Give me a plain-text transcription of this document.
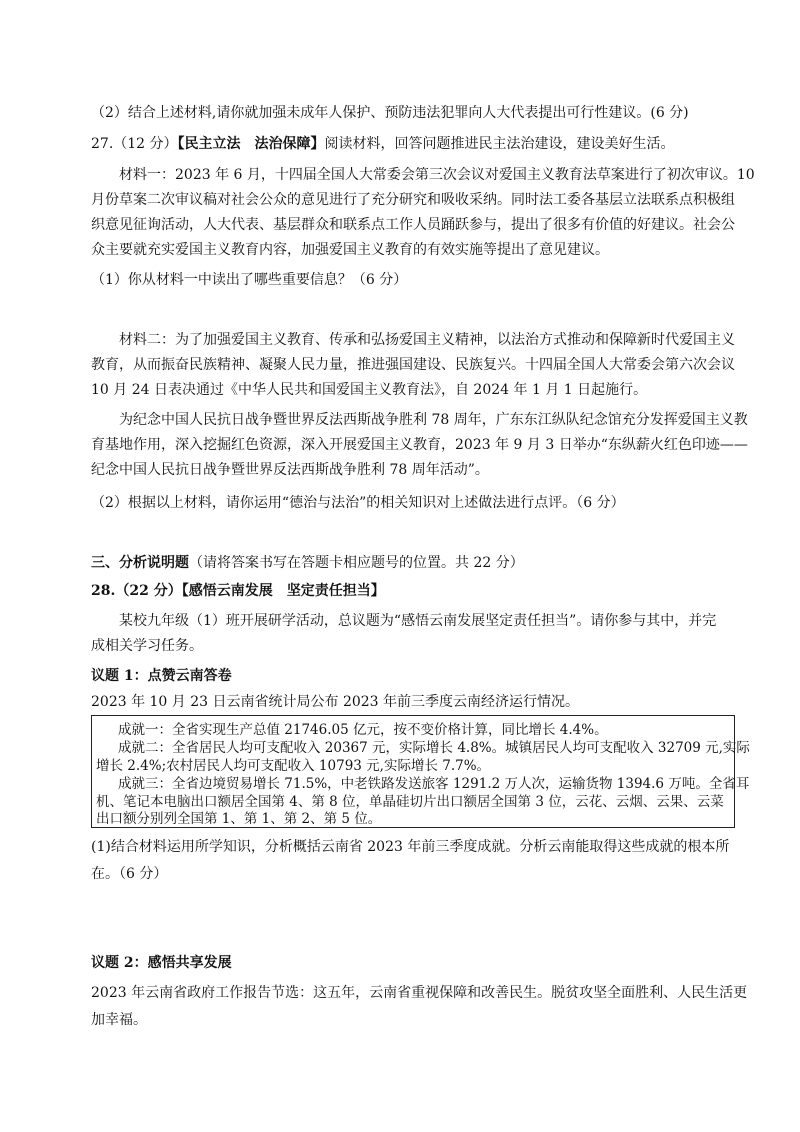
（2）结合上述材料,请你就加强未成年人保护、预防违法犯罪向人大代表提出可行性建议。(6 分)
27.（12 分）【民主立法　法治保障】阅读材料，回答问题推进民主法治建设，建设美好生活。
材料一：2023 年 6 月，十四届全国人大常委会第三次会议对爱国主义教育法草案进行了初次审议。10
月份草案二次审议稿对社会公众的意见进行了充分研究和吸收采纳。同时法工委各基层立法联系点积极组
织意见征询活动，人大代表、基层群众和联系点工作人员踊跃参与，提出了很多有价值的好建议。社会公
众主要就充实爱国主义教育内容，加强爱国主义教育的有效实施等提出了意见建议。
（1）你从材料一中读出了哪些重要信息？（6 分）
材料二：为了加强爱国主义教育、传承和弘扬爱国主义精神，以法治方式推动和保障新时代爱国主义
教育，从而振奋民族精神、凝聚人民力量，推进强国建设、民族复兴。十四届全国人大常委会第六次会议
10 月 24 日表决通过《中华人民共和国爱国主义教育法》，自 2024 年 1 月 1 日起施行。
为纪念中国人民抗日战争暨世界反法西斯战争胜利 78 周年，广东东江纵队纪念馆充分发挥爱国主义教
育基地作用，深入挖掘红色资源，深入开展爱国主义教育，2023 年 9 月 3 日举办“东纵薪火红色印迹——
纪念中国人民抗日战争暨世界反法西斯战争胜利 78 周年活动”。
（2）根据以上材料，请你运用“德治与法治”的相关知识对上述做法进行点评。（6 分）
三、分析说明题（请将答案书写在答题卡相应题号的位置。共 22 分）
28.（22 分）【感悟云南发展　坚定责任担当】
某校九年级（1）班开展研学活动，总议题为“感悟云南发展坚定责任担当”。请你参与其中，并完
成相关学习任务。
议题 1：点赞云南答卷
2023 年 10 月 23 日云南省统计局公布 2023 年前三季度云南经济运行情况。
成就一：全省实现生产总值 21746.05 亿元，按不变价格计算，同比增长 4.4%。
成就二：全省居民人均可支配收入 20367 元，实际增长 4.8%。城镇居民人均可支配收入 32709 元,实际
增长 2.4%;农村居民人均可支配收入 10793 元,实际增长 7.7%。
成就三：全省边境贸易增长 71.5%，中老铁路发送旅客 1291.2 万人次，运输货物 1394.6 万吨。全省耳
机、笔记本电脑出口额居全国第 4、第 8 位，单晶硅切片出口额居全国第 3 位，云花、云烟、云果、云菜
出口额分别列全国第 1、第 1、第 2、第 5 位。
(1)结合材料运用所学知识，分析概括云南省 2023 年前三季度成就。分析云南能取得这些成就的根本所
在。（6 分）
议题 2：感悟共享发展
2023 年云南省政府工作报告节选：这五年，云南省重视保障和改善民生。脱贫攻坚全面胜利、人民生活更
加幸福。
